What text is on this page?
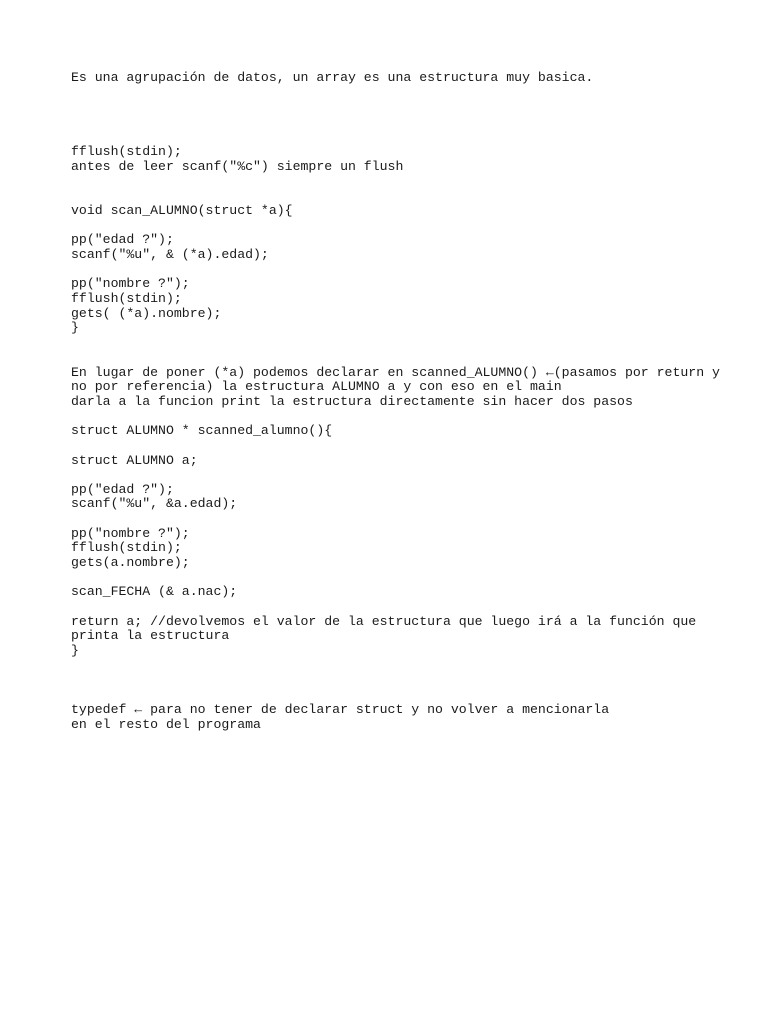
Es una agrupación de datos, un array es una estructura muy basica.

fflush(stdin);

antes de leer scanf("%c") siempre un flush

void scan_ALUMNO(struct *a){

pp("edad ?");

scanf("%u", & (*a).edad);

pp("nombre ?");

fflush(stdin);

gets( (*a).nombre);

}

En lugar de poner (*a) podemos declarar en scanned_ALUMNO() ←(pasamos por return y

no por referencia) la estructura ALUMNO a y con eso en el main

darla a la funcion print la estructura directamente sin hacer dos pasos

struct ALUMNO * scanned_alumno(){

struct ALUMNO a;

pp("edad ?");

scanf("%u", &a.edad);

pp("nombre ?");

fflush(stdin);

gets(a.nombre);

scan_FECHA (& a.nac);

return a; //devolvemos el valor de la estructura que luego irá a la función que

printa la estructura

}

typedef ← para no tener de declarar struct y no volver a mencionarla

en el resto del programa
